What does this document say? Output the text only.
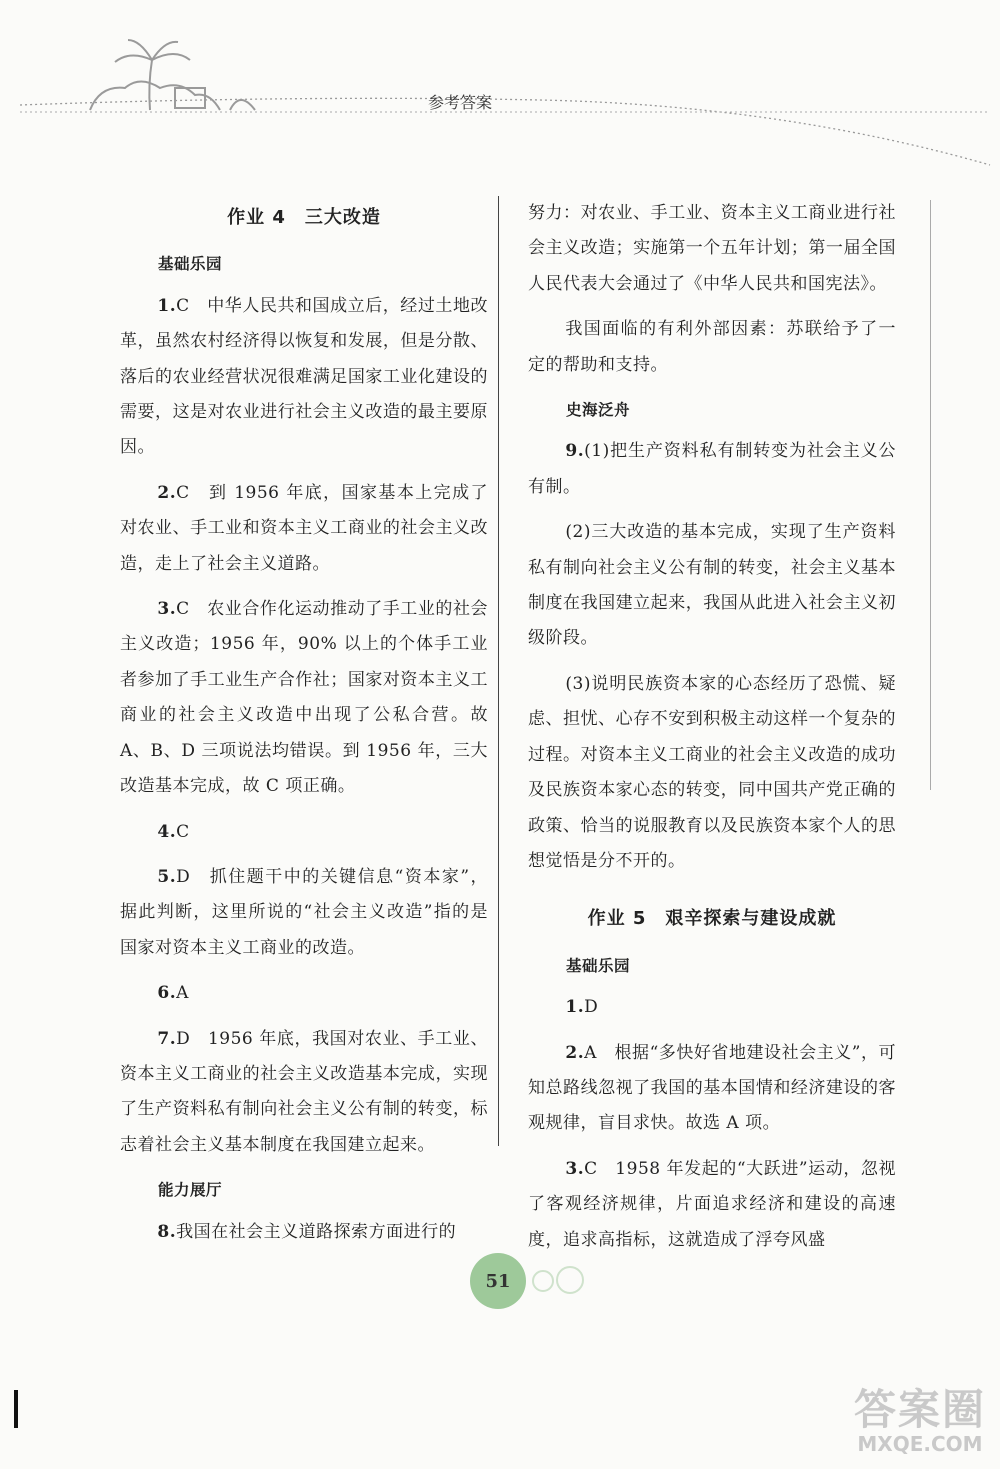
参考答案
作业 4　三大改造
基础乐园

1.C　中华人民共和国成立后，经过土地改革，虽然农村经济得以恢复和发展，但是分散、落后的农业经营状况很难满足国家工业化建设的需要，这是对农业进行社会主义改造的最主要原因。

2.C　到 1956 年底，国家基本上完成了对农业、手工业和资本主义工商业的社会主义改造，走上了社会主义道路。

3.C　农业合作化运动推动了手工业的社会主义改造；1956 年，90% 以上的个体手工业者参加了手工业生产合作社；国家对资本主义工商业的社会主义改造中出现了公私合营。故 A、B、D 三项说法均错误。到 1956 年，三大改造基本完成，故 C 项正确。

4.C

5.D　抓住题干中的关键信息“资本家”，据此判断，这里所说的“社会主义改造”指的是国家对资本主义工商业的改造。

6.A

7.D　1956 年底，我国对农业、手工业、资本主义工商业的社会主义改造基本完成，实现了生产资料私有制向社会主义公有制的转变，标志着社会主义基本制度在我国建立起来。

能力展厅

8.我国在社会主义道路探索方面进行的

努力：对农业、手工业、资本主义工商业进行社会主义改造；实施第一个五年计划；第一届全国人民代表大会通过了《中华人民共和国宪法》。

我国面临的有利外部因素：苏联给予了一定的帮助和支持。

史海泛舟

9.(1)把生产资料私有制转变为社会主义公有制。

(2)三大改造的基本完成，实现了生产资料私有制向社会主义公有制的转变，社会主义基本制度在我国建立起来，我国从此进入社会主义初级阶段。

(3)说明民族资本家的心态经历了恐慌、疑虑、担忧、心存不安到积极主动这样一个复杂的过程。对资本主义工商业的社会主义改造的成功及民族资本家心态的转变，同中国共产党正确的政策、恰当的说服教育以及民族资本家个人的思想觉悟是分不开的。

作业 5　艰辛探索与建设成就
基础乐园

1.D

2.A　根据“多快好省地建设社会主义”，可知总路线忽视了我国的基本国情和经济建设的客观规律，盲目求快。故选 A 项。

3.C　1958 年发起的“大跃进”运动，忽视了客观经济规律，片面追求经济和建设的高速度，追求高指标，这就造成了浮夸风盛

51
答案圈
MXQE.COM
